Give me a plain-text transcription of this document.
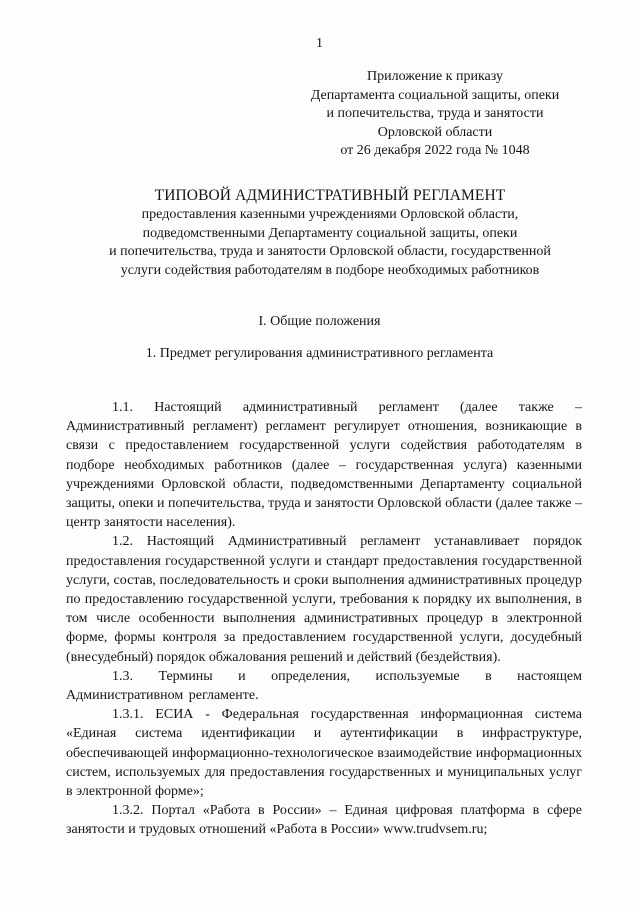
1
Приложение к приказу
Департамента социальной защиты, опеки
и попечительства, труда и занятости
Орловской области
от 26 декабря 2022 года № 1048
ТИПОВОЙ АДМИНИСТРАТИВНЫЙ РЕГЛАМЕНТ
предоставления казенными учреждениями Орловской области,
подведомственными Департаменту социальной защиты, опеки
и попечительства, труда и занятости Орловской области, государственной
услуги содействия работодателям в подборе необходимых работников
I. Общие положения
1. Предмет регулирования административного регламента

1.1. Настоящий административный регламент (далее также – Административный регламент) регламент регулирует отношения, возникающие в связи с предоставлением государственной услуги содействия работодателям в подборе необходимых работников (далее – государственная услуга) казенными учреждениями Орловской области, подведомственными Департаменту социальной защиты, опеки и попечительства, труда и занятости Орловской области (далее также – центр занятости населения).

1.2. Настоящий Административный регламент устанавливает порядок предоставления государственной услуги и стандарт предоставления государственной услуги, состав, последовательность и сроки выполнения административных процедур по предоставлению государственной услуги, требования к порядку их выполнения, в том числе особенности выполнения административных процедур в электронной форме, формы контроля за предоставлением государственной услуги, досудебный (внесудебный) порядок обжалования решений и действий (бездействия).

1.3. Термины и определения, используемые в настоящем Административном регламенте.

1.3.1. ЕСИА - Федеральная государственная информационная система «Единая система идентификации и аутентификации в инфраструктуре, обеспечивающей информационно-технологическое взаимодействие информационных систем, используемых для предоставления государственных и муниципальных услуг в электронной форме»;

1.3.2. Портал «Работа в России» – Единая цифровая платформа в сфере занятости и трудовых отношений «Работа в России» www.trudvsem.ru;
